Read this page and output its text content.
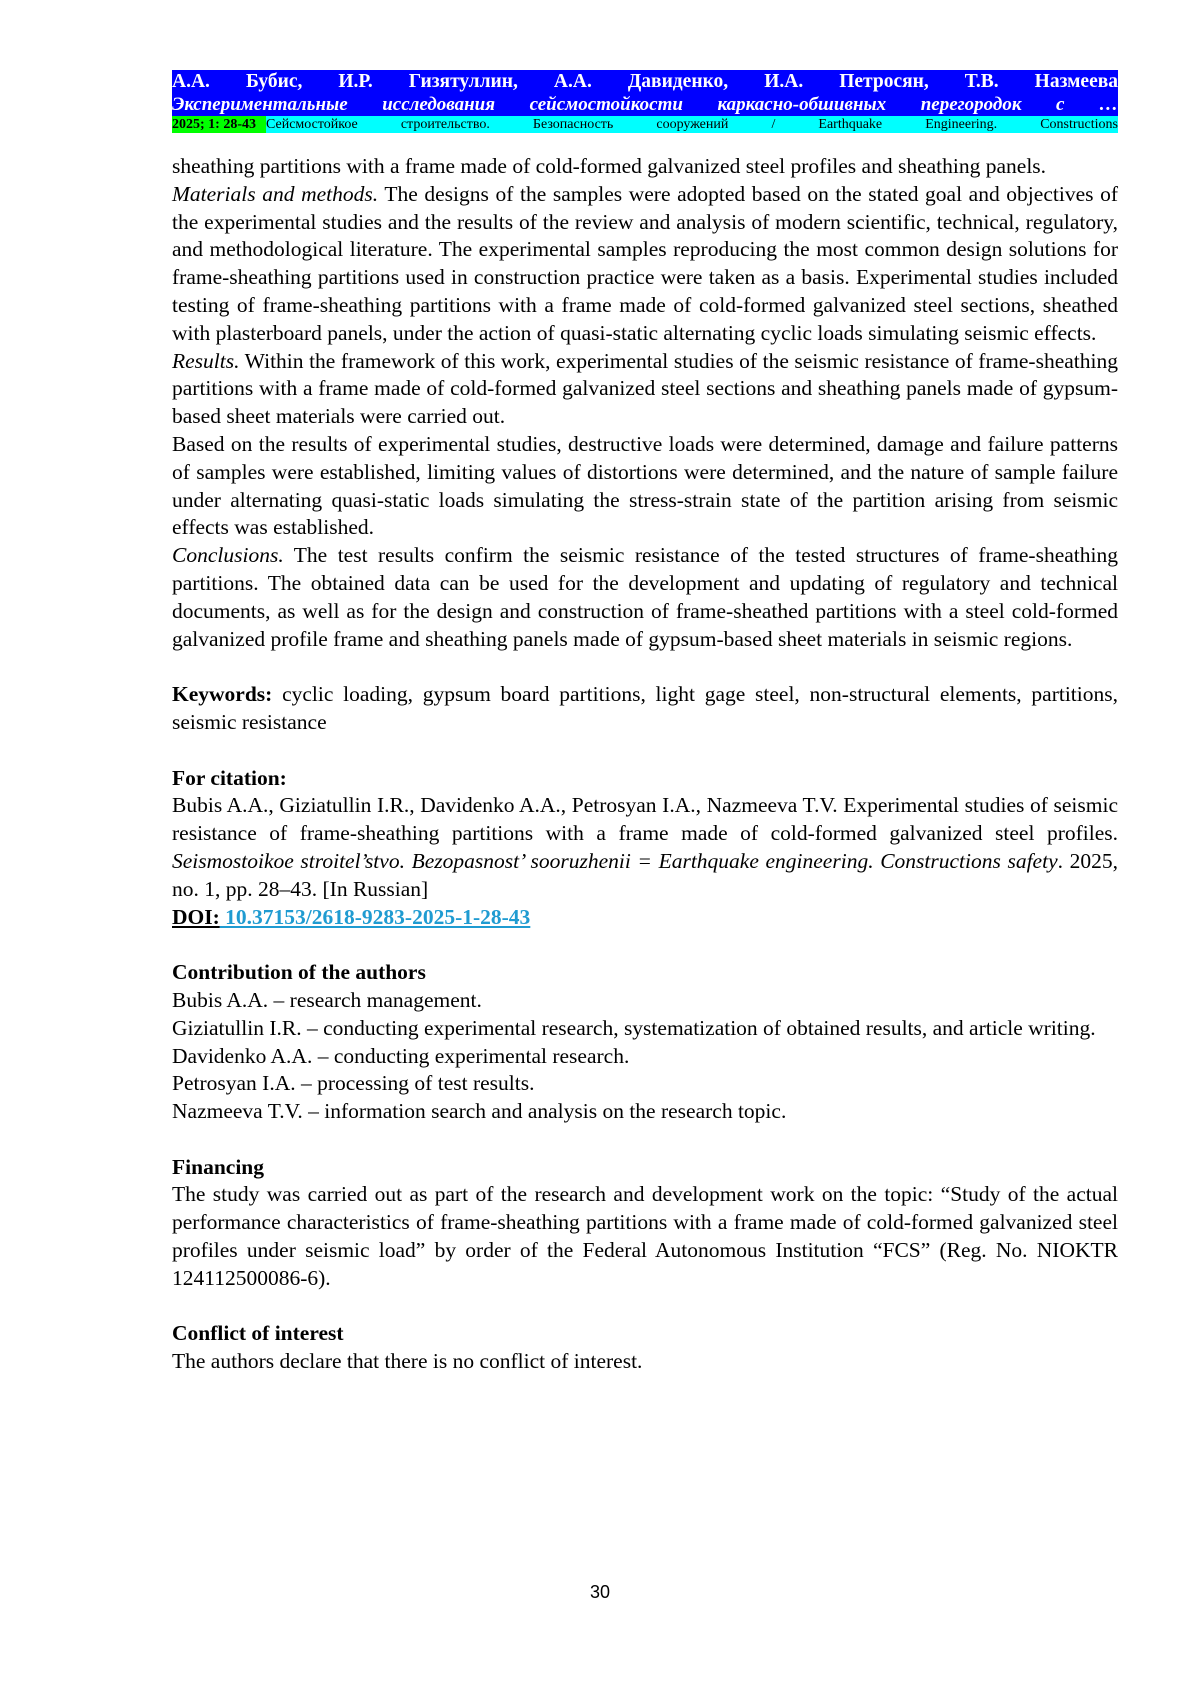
А.А. Бубис, И.Р. Гизятуллин, А.А. Давиденко, И.А. Петросян, Т.В. Назмеева
Экспериментальные исследования сейсмостойкости каркасно-обшивных перегородок с …
2025; 1: 28-43 Сейсмостойкое строительство. Безопасность сооружений / Earthquake Engineering. Constructions

sheathing partitions with a frame made of cold-formed galvanized steel profiles and sheathing panels.

Materials and methods. The designs of the samples were adopted based on the stated goal and objectives of the experimental studies and the results of the review and analysis of modern scientific, technical, regulatory, and methodological literature. The experimental samples reproducing the most common design solutions for frame-sheathing partitions used in construction practice were taken as a basis. Experimental studies included testing of frame-sheathing partitions with a frame made of cold-formed galvanized steel sections, sheathed with plasterboard panels, under the action of quasi-static alternating cyclic loads simulating seismic effects.

Results. Within the framework of this work, experimental studies of the seismic resistance of frame-sheathing partitions with a frame made of cold-formed galvanized steel sections and sheathing panels made of gypsum-based sheet materials were carried out.

Based on the results of experimental studies, destructive loads were determined, damage and failure patterns of samples were established, limiting values of distortions were determined, and the nature of sample failure under alternating quasi-static loads simulating the stress-strain state of the partition arising from seismic effects was established.

Conclusions. The test results confirm the seismic resistance of the tested structures of frame-sheathing partitions. The obtained data can be used for the development and updating of regulatory and technical documents, as well as for the design and construction of frame-sheathed partitions with a steel cold-formed galvanized profile frame and sheathing panels made of gypsum-based sheet materials in seismic regions.

Keywords: cyclic loading, gypsum board partitions, light gage steel, non-structural elements, partitions, seismic resistance

For citation:

Bubis A.A., Giziatullin I.R., Davidenko A.A., Petrosyan I.A., Nazmeeva T.V. Experimental studies of seismic resistance of frame-sheathing partitions with a frame made of cold-formed galvanized steel profiles. Seismostoikoe stroitel’stvo. Bezopasnost’ sooruzhenii = Earthquake engineering. Constructions safety. 2025, no. 1, pp. 28–43. [In Russian]

DOI: 10.37153/2618-9283-2025-1-28-43

Contribution of the authors

Bubis A.A. – research management.

Giziatullin I.R. – conducting experimental research, systematization of obtained results, and article writing.

Davidenko A.A. – conducting experimental research.

Petrosyan I.A. – processing of test results.

Nazmeeva T.V. – information search and analysis on the research topic.

Financing

The study was carried out as part of the research and development work on the topic: “Study of the actual performance characteristics of frame-sheathing partitions with a frame made of cold-formed galvanized steel profiles under seismic load” by order of the Federal Autonomous Institution “FCS” (Reg. No. NIOKTR 124112500086-6).

Conflict of interest

The authors declare that there is no conflict of interest.

30
